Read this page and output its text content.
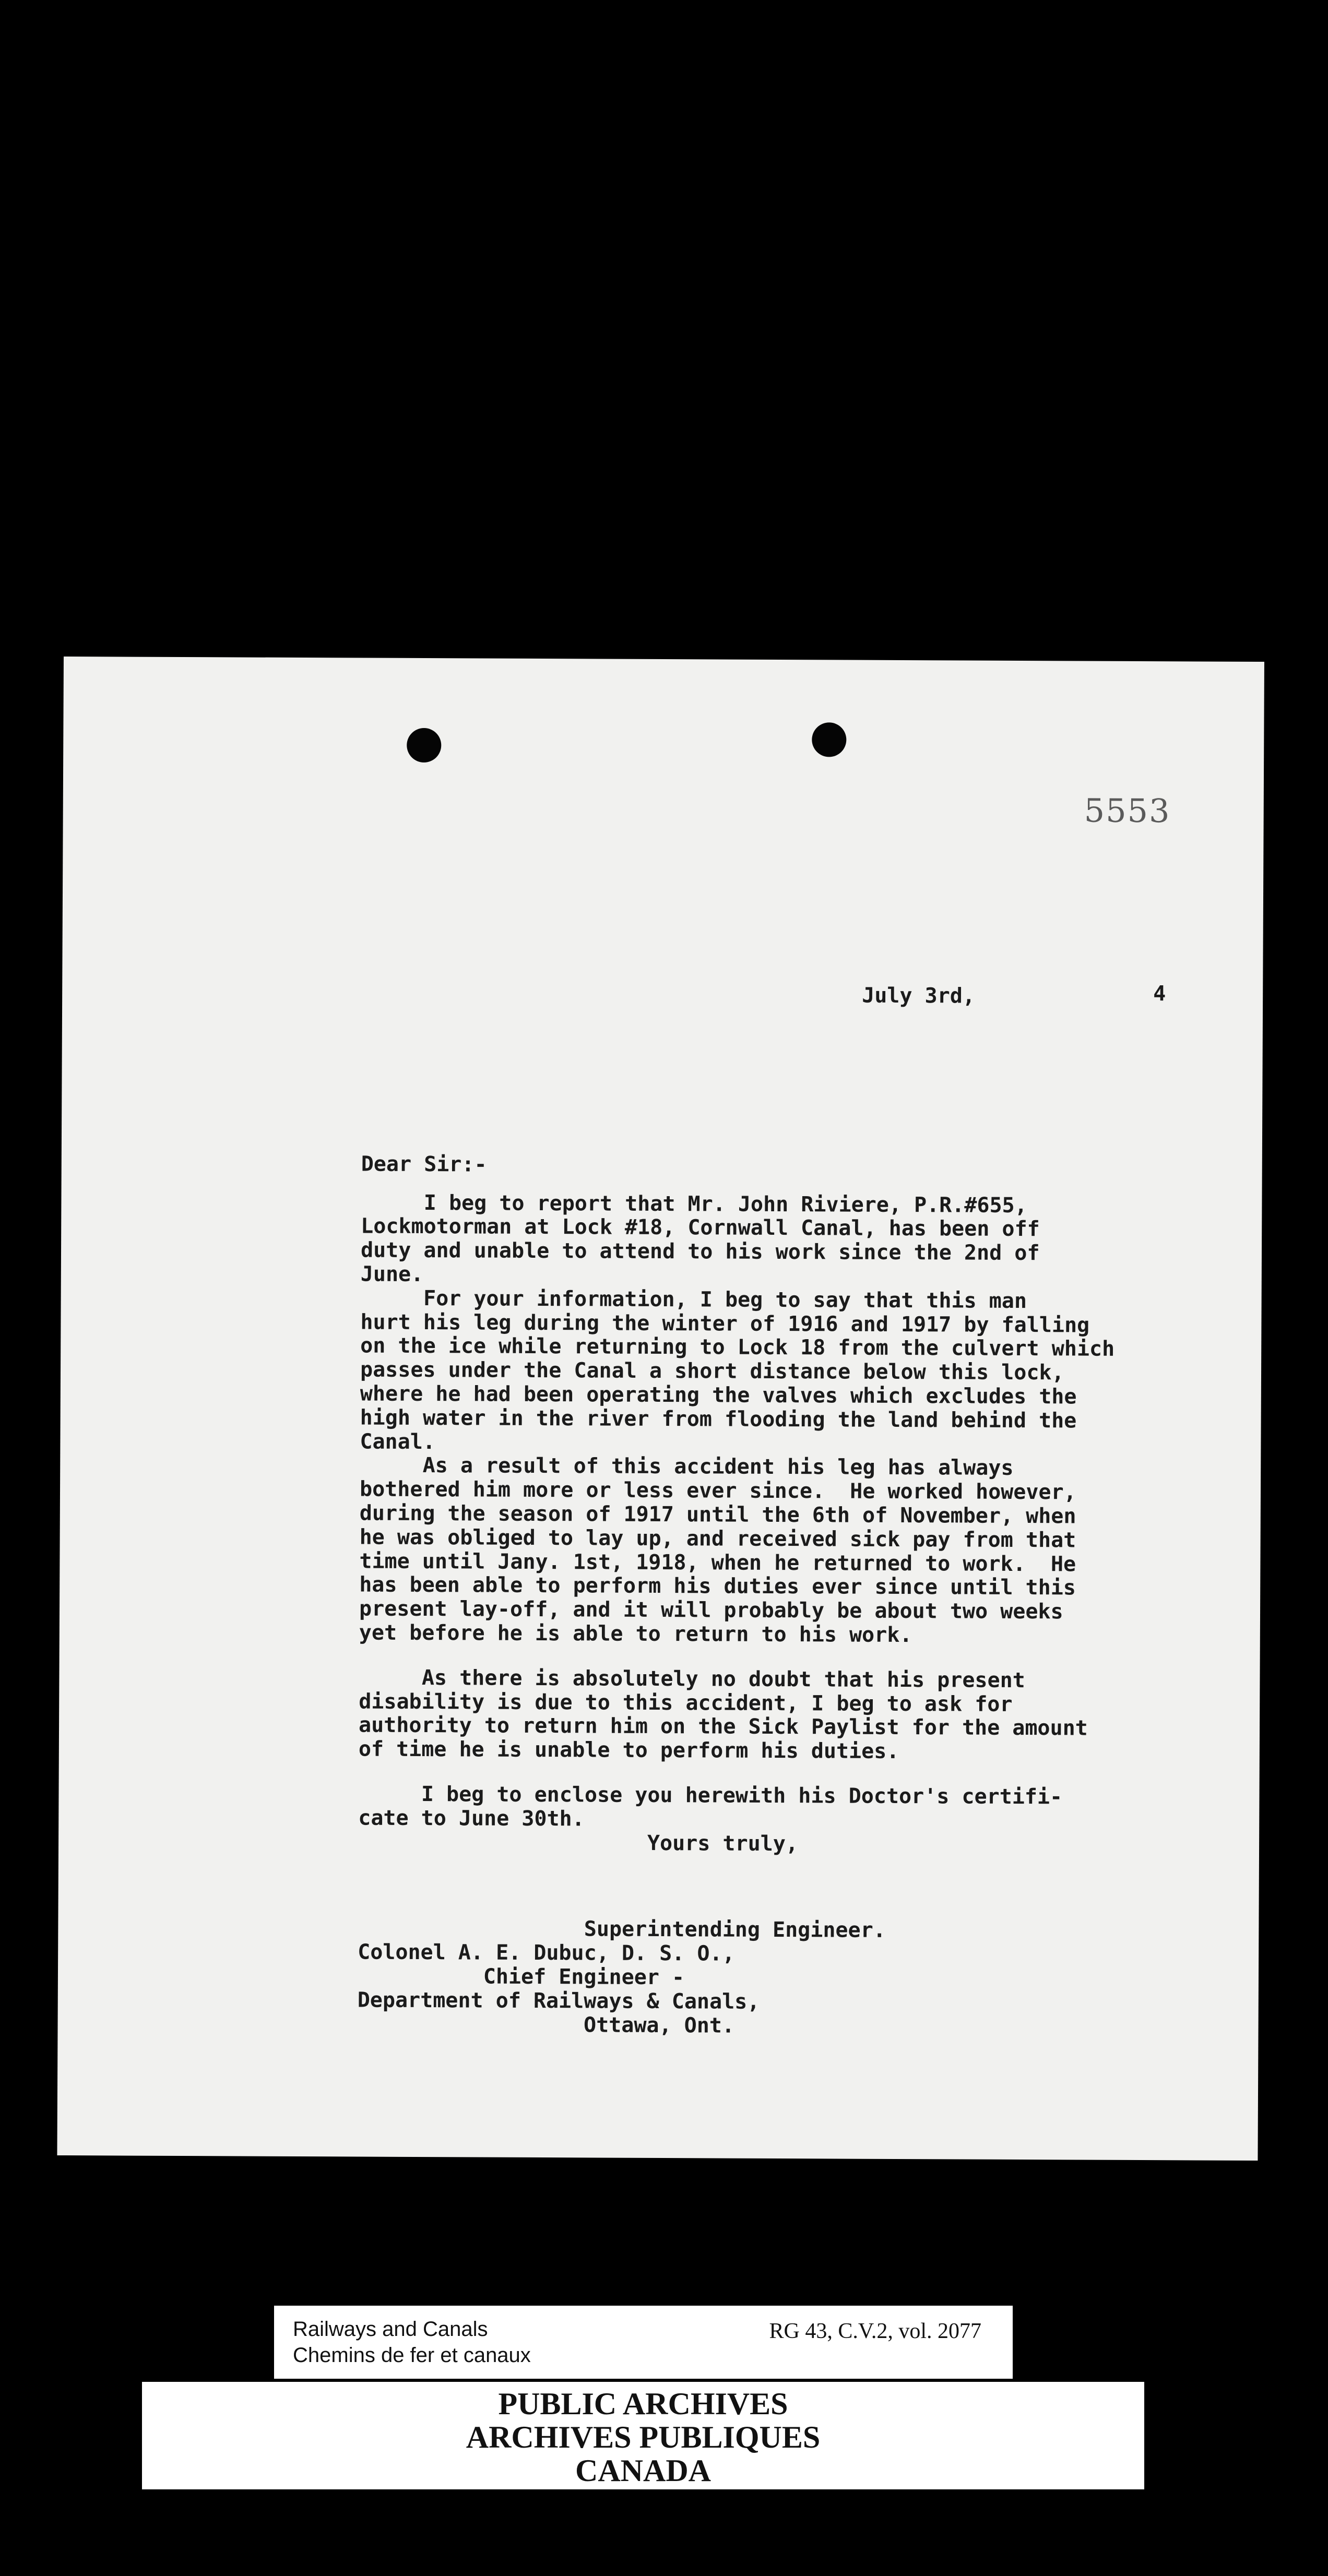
5553
July 3rd,	4

Dear Sir:-
I beg to report that Mr. John Riviere, P.R.#655,
Lockmotorman at Lock #18, Cornwall Canal, has been off
duty and unable to attend to his work since the 2nd of
June.
For your information, I beg to say that this man
hurt his leg during the winter of 1916 and 1917 by falling
on the ice while returning to Lock 18 from the culvert which
passes under the Canal a short distance below this lock,
where he had been operating the valves which excludes the
high water in the river from flooding the land behind the
Canal.
As a result of this accident his leg has always
bothered him more or less ever since.  He worked however,
during the season of 1917 until the 6th of November, when
he was obliged to lay up, and received sick pay from that
time until Jany. 1st, 1918, when he returned to work.  He
has been able to perform his duties ever since until this
present lay-off, and it will probably be about two weeks
yet before he is able to return to his work.
As there is absolutely no doubt that his present
disability is due to this accident, I beg to ask for
authority to return him on the Sick Paylist for the amount
of time he is unable to perform his duties.
I beg to enclose you herewith his Doctor's certifi-
cate to June 30th.
Yours truly,
Superintending Engineer.
Colonel A. E. Dubuc, D. S. O.,
Chief Engineer -
Department of Railways & Canals,
Ottawa, Ont.

Railways and Canals
Chemins de fer et canaux
RG 43, C.V.2, vol. 2077
PUBLIC ARCHIVES
ARCHIVES PUBLIQUES
CANADA
